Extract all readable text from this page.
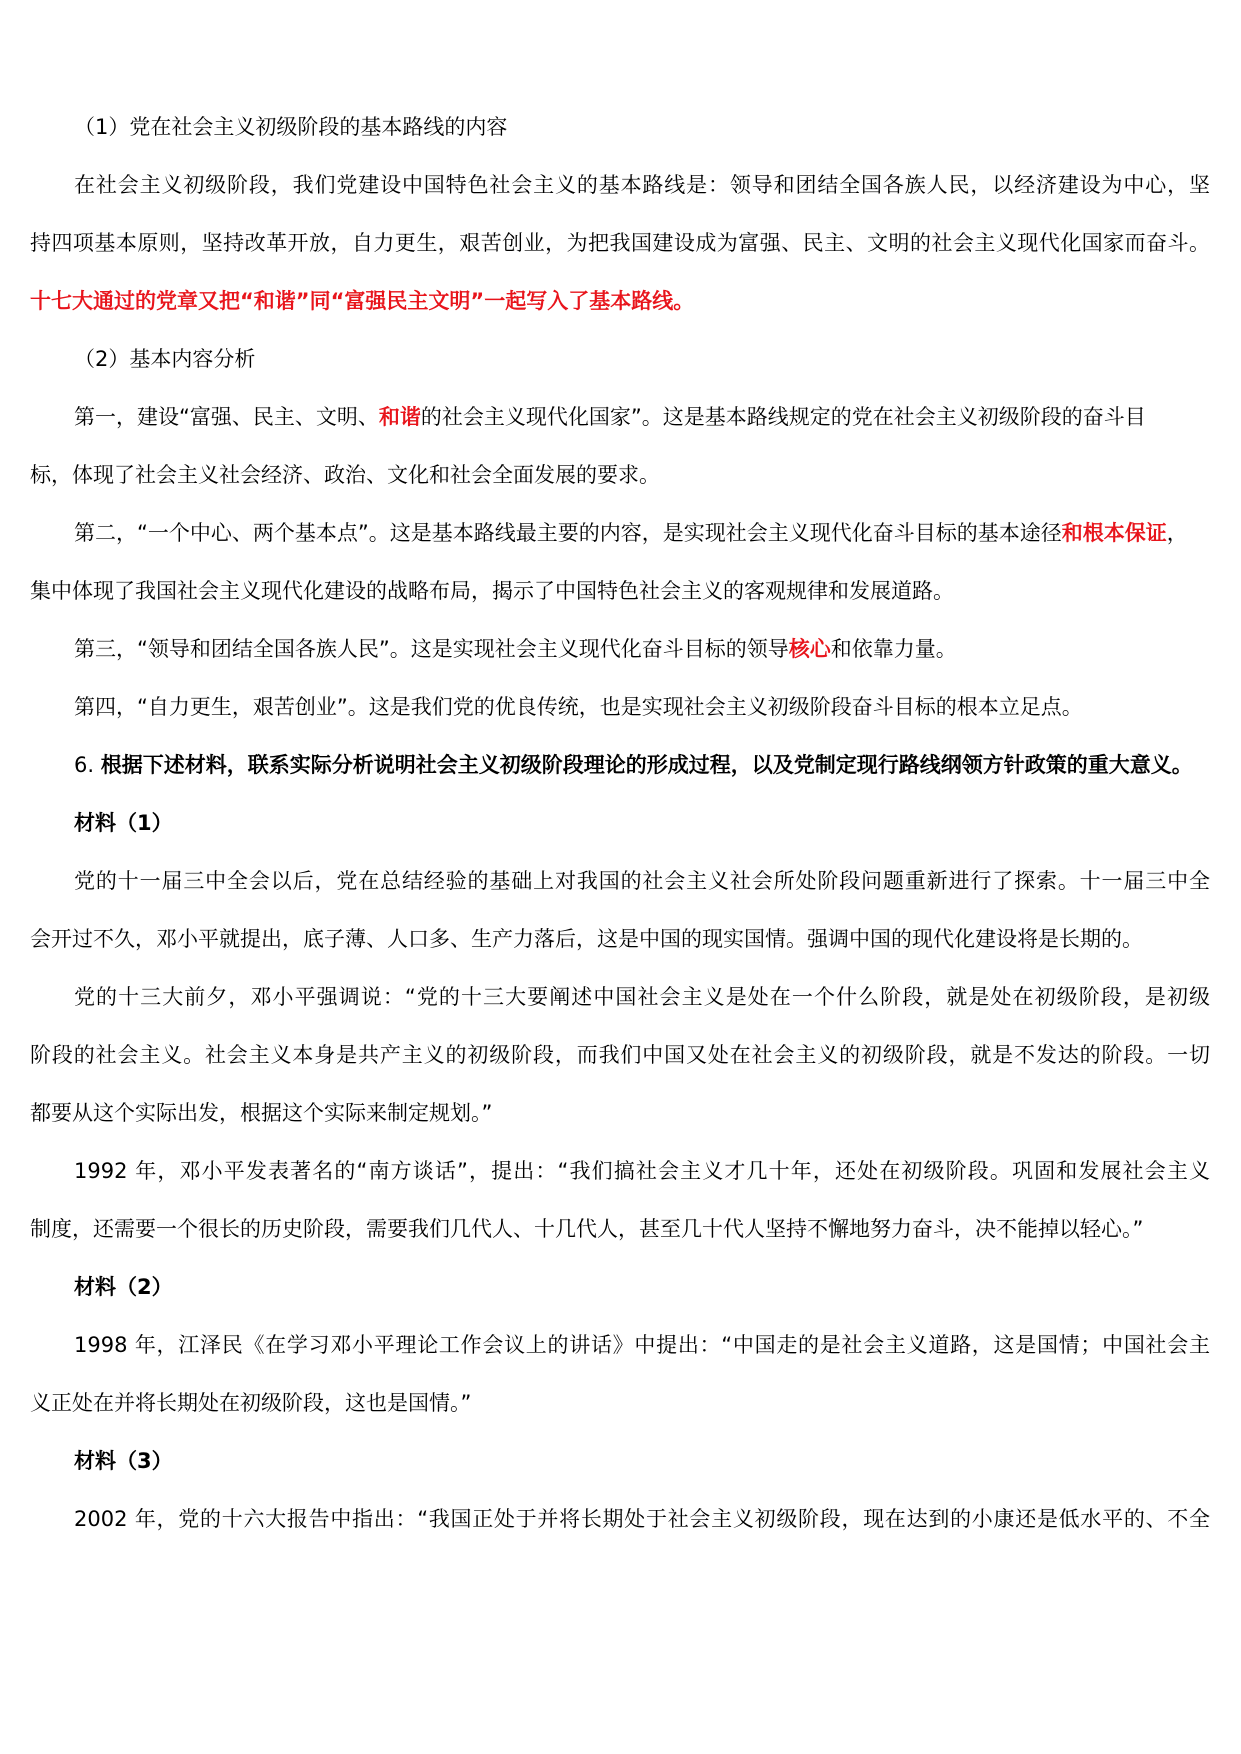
（1）党在社会主义初级阶段的基本路线的内容
在社会主义初级阶段，我们党建设中国特色社会主义的基本路线是：领导和团结全国各族人民，以经济建设为中心，坚
持四项基本原则，坚持改革开放，自力更生，艰苦创业，为把我国建设成为富强、民主、文明的社会主义现代化国家而奋斗。
十七大通过的党章又把“和谐”同“富强民主文明”一起写入了基本路线。
（2）基本内容分析
第一，建设“富强、民主、文明、和谐的社会主义现代化国家”。这是基本路线规定的党在社会主义初级阶段的奋斗目
标，体现了社会主义社会经济、政治、文化和社会全面发展的要求。
第二，“一个中心、两个基本点”。这是基本路线最主要的内容，是实现社会主义现代化奋斗目标的基本途径和根本保证，
集中体现了我国社会主义现代化建设的战略布局，揭示了中国特色社会主义的客观规律和发展道路。
第三，“领导和团结全国各族人民”。这是实现社会主义现代化奋斗目标的领导核心和依靠力量。
第四，“自力更生，艰苦创业”。这是我们党的优良传统，也是实现社会主义初级阶段奋斗目标的根本立足点。
6. 根据下述材料，联系实际分析说明社会主义初级阶段理论的形成过程，以及党制定现行路线纲领方针政策的重大意义。
材料（1）
党的十一届三中全会以后，党在总结经验的基础上对我国的社会主义社会所处阶段问题重新进行了探索。十一届三中全
会开过不久，邓小平就提出，底子薄、人口多、生产力落后，这是中国的现实国情。强调中国的现代化建设将是长期的。
党的十三大前夕，邓小平强调说：“党的十三大要阐述中国社会主义是处在一个什么阶段，就是处在初级阶段，是初级
阶段的社会主义。社会主义本身是共产主义的初级阶段，而我们中国又处在社会主义的初级阶段，就是不发达的阶段。一切
都要从这个实际出发，根据这个实际来制定规划。”
1992 年，邓小平发表著名的“南方谈话”，提出：“我们搞社会主义才几十年，还处在初级阶段。巩固和发展社会主义
制度，还需要一个很长的历史阶段，需要我们几代人、十几代人，甚至几十代人坚持不懈地努力奋斗，决不能掉以轻心。”
材料（2）
1998 年，江泽民《在学习邓小平理论工作会议上的讲话》中提出：“中国走的是社会主义道路，这是国情；中国社会主
义正处在并将长期处在初级阶段，这也是国情。”
材料（3）
2002 年，党的十六大报告中指出：“我国正处于并将长期处于社会主义初级阶段，现在达到的小康还是低水平的、不全
